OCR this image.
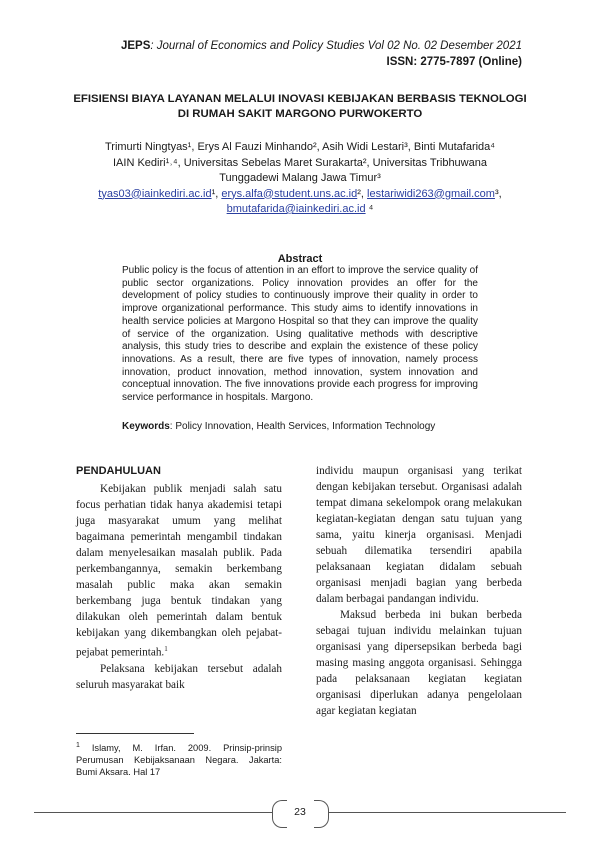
JEPS: Journal of Economics and Policy Studies Vol 02 No. 02 Desember 2021
ISSN: 2775-7897 (Online)
EFISIENSI BIAYA LAYANAN MELALUI INOVASI KEBIJAKAN BERBASIS TEKNOLOGI
DI RUMAH SAKIT MARGONO PURWOKERTO
Trimurti Ningtyas¹, Erys Al Fauzi Minhando², Asih Widi Lestari³, Binti Mutafarida⁴
IAIN Kediri¹˒⁴, Universitas Sebelas Maret Surakarta², Universitas Tribhuwana
Tunggadewi Malang Jawa Timur³
tyas03@iainkediri.ac.id¹, erys.alfa@student.uns.ac.id², lestariwidi263@gmail.com³,
bmutafarida@iainkediri.ac.id ⁴
Abstract
Public policy is the focus of attention in an effort to improve the service quality of public sector organizations. Policy innovation provides an offer for the development of policy studies to continuously improve their quality in order to improve organizational performance. This study aims to identify innovations in health service policies at Margono Hospital so that they can improve the quality of service of the organization. Using qualitative methods with descriptive analysis, this study tries to describe and explain the existence of these policy innovations. As a result, there are five types of innovation, namely process innovation, product innovation, method innovation, system innovation and conceptual innovation. The five innovations provide each progress for improving service performance in hospitals. Margono.
Keywords: Policy Innovation, Health Services, Information Technology
PENDAHULUAN

Kebijakan publik menjadi salah satu focus perhatian tidak hanya akademisi tetapi juga masyarakat umum yang melihat bagaimana pemerintah mengambil tindakan dalam menyelesaikan masalah publik. Pada perkembangannya, semakin berkembang masalah public maka akan semakin berkembang juga bentuk tindakan yang dilakukan oleh pemerintah dalam bentuk kebijakan yang dikembangkan oleh pejabat-pejabat pemerintah.$^1$

Pelaksana kebijakan tersebut adalah seluruh masyarakat baik

individu maupun organisasi yang terikat dengan kebijakan tersebut. Organisasi adalah tempat dimana sekelompok orang melakukan kegiatan-kegiatan dengan satu tujuan yang sama, yaitu kinerja organisasi. Menjadi sebuah dilematika tersendiri apabila pelaksanaan kegiatan didalam sebuah organisasi menjadi bagian yang berbeda dalam berbagai pandangan individu.

Maksud berbeda ini bukan berbeda sebagai tujuan individu melainkan tujuan organisasi yang dipersepsikan berbeda bagi masing masing anggota organisasi. Sehingga pada pelaksanaan kegiatan kegiatan organisasi diperlukan adanya pengelolaan agar kegiatan kegiatan

$^1$ Islamy, M. Irfan. 2009. Prinsip-prinsip Perumusan Kebijaksanaan Negara. Jakarta: Bumi Aksara. Hal 17
23
